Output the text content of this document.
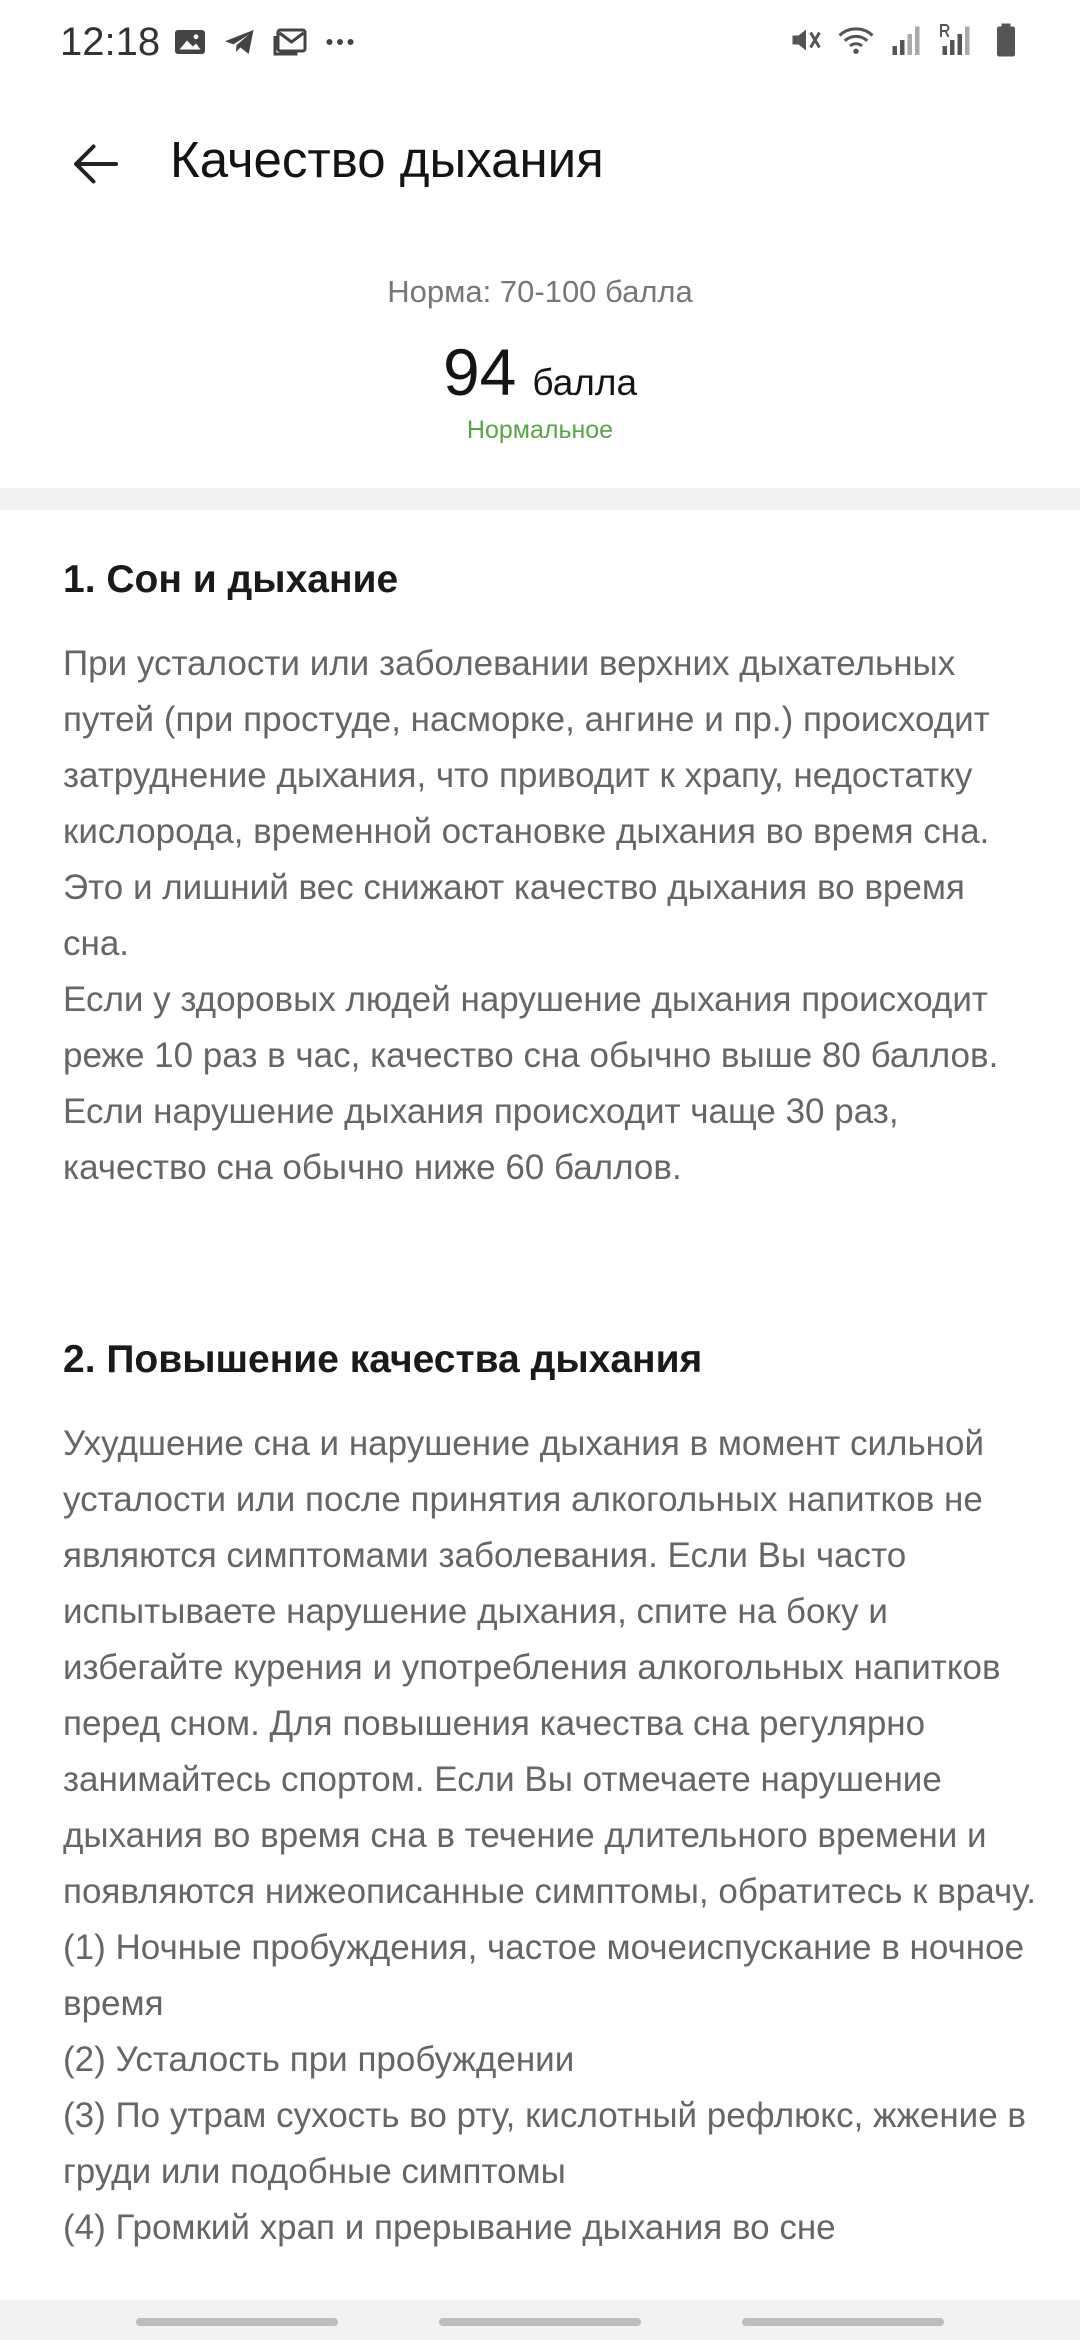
12:18
Качество дыхания
Норма: 70-100 балла
94 балла
Нормальное
1. Сон и дыхание

При усталости или заболевании верхних дыхательных путей (при простуде, насморке, ангине и пр.) происходит затруднение дыхания, что приводит к храпу, недостатку кислорода, временной остановке дыхания во время сна. Это и лишний вес снижают качество дыхания во время сна.

Если у здоровых людей нарушение дыхания происходит реже 10 раз в час, качество сна обычно выше 80 баллов. Если нарушение дыхания происходит чаще 30 раз, качество сна обычно ниже 60 баллов.

2. Повышение качества дыхания

Ухудшение сна и нарушение дыхания в момент сильной усталости или после принятия алкогольных напитков не являются симптомами заболевания. Если Вы часто испытываете нарушение дыхания, спите на боку и избегайте курения и употребления алкогольных напитков перед сном. Для повышения качества сна регулярно занимайтесь спортом. Если Вы отмечаете нарушение дыхания во время сна в течение длительного времени и появляются нижеописанные симптомы, обратитесь к врачу.

(1) Ночные пробуждения, частое мочеиспускание в ночное время

(2) Усталость при пробуждении

(3) По утрам сухость во рту, кислотный рефлюкс, жжение в груди или подобные симптомы

(4) Громкий храп и прерывание дыхания во сне
